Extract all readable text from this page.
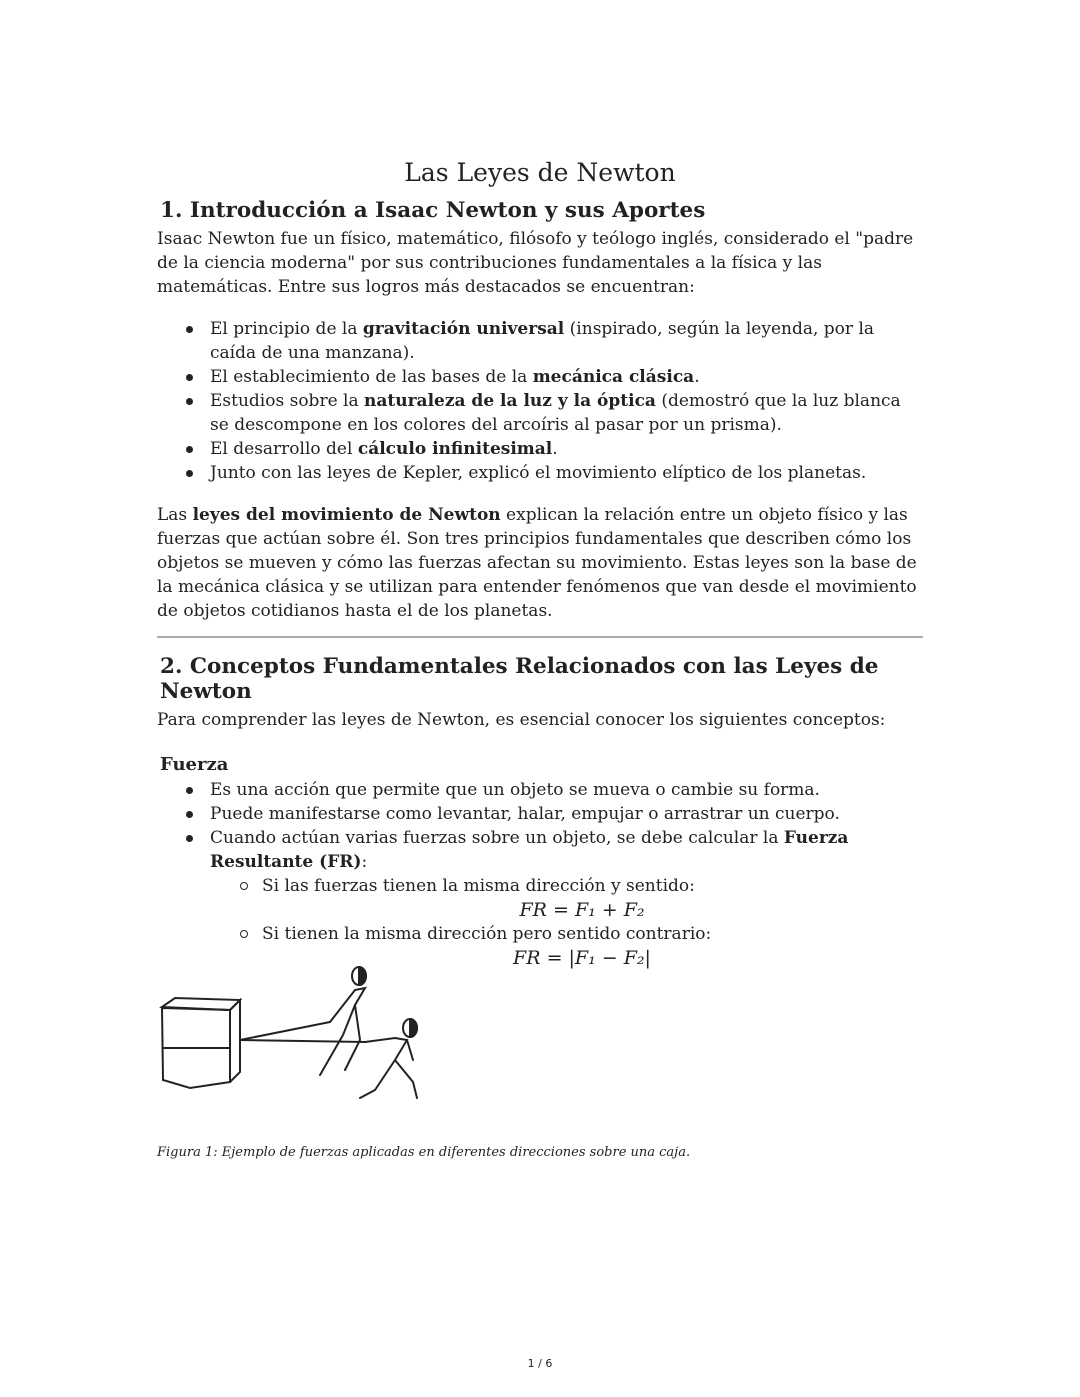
Las Leyes de Newton
1. Introducción a Isaac Newton y sus Aportes

Isaac Newton fue un físico, matemático, filósofo y teólogo inglés, considerado el "padre de la ciencia moderna" por sus contribuciones fundamentales a la física y las matemáticas. Entre sus logros más destacados se encuentran:

El principio de la gravitación universal (inspirado, según la leyenda, por la caída de una manzana).
El establecimiento de las bases de la mecánica clásica.
Estudios sobre la naturaleza de la luz y la óptica (demostró que la luz blanca se descompone en los colores del arcoíris al pasar por un prisma).
El desarrollo del cálculo infinitesimal.
Junto con las leyes de Kepler, explicó el movimiento elíptico de los planetas.

Las leyes del movimiento de Newton explican la relación entre un objeto físico y las fuerzas que actúan sobre él. Son tres principios fundamentales que describen cómo los objetos se mueven y cómo las fuerzas afectan su movimiento. Estas leyes son la base de la mecánica clásica y se utilizan para entender fenómenos que van desde el movimiento de objetos cotidianos hasta el de los planetas.

2. Conceptos Fundamentales Relacionados con las Leyes de Newton

Para comprender las leyes de Newton, es esencial conocer los siguientes conceptos:

Fuerza
Es una acción que permite que un objeto se mueva o cambie su forma.
Puede manifestarse como levantar, halar, empujar o arrastrar un cuerpo.
Cuando actúan varias fuerzas sobre un objeto, se debe calcular la Fuerza Resultante (FR):
Si las fuerzas tienen la misma dirección y sentido:
FR = F₁ + F₂
Si tienen la misma dirección pero sentido contrario:
FR = |F₁ − F₂|
Figura 1: Ejemplo de fuerzas aplicadas en diferentes direcciones sobre una caja.
1 / 6
